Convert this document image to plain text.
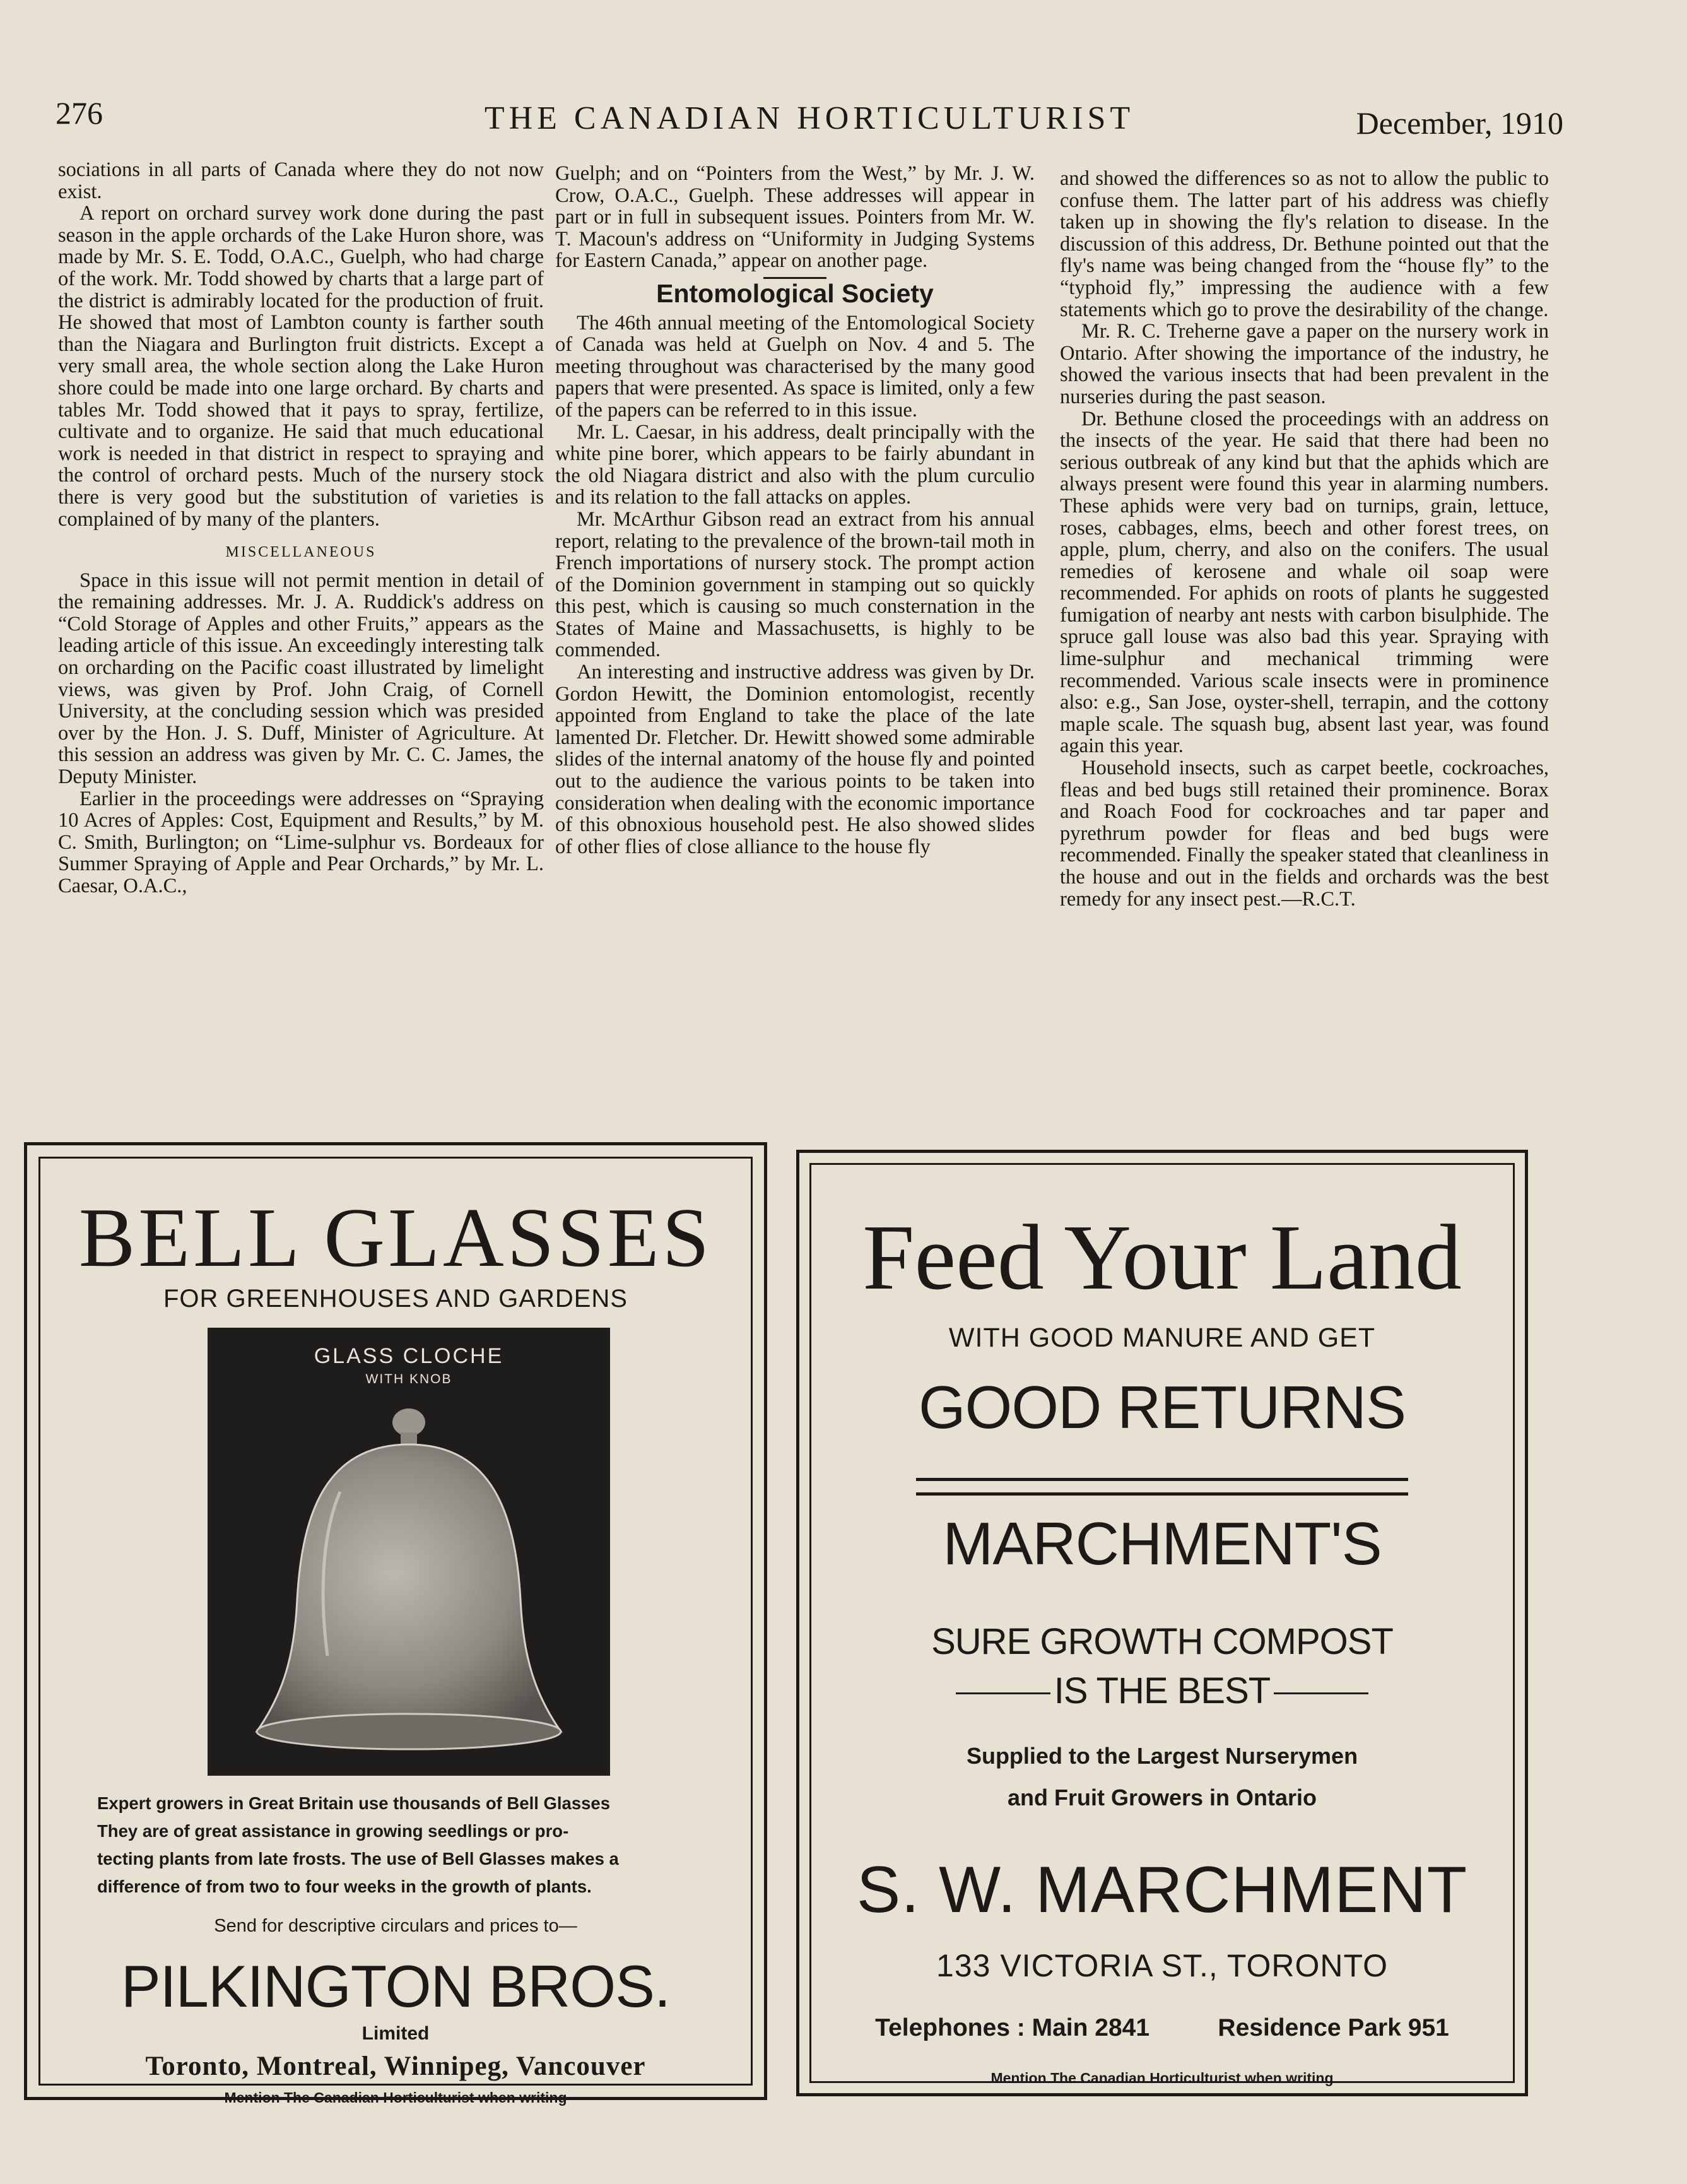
276	THE CANADIAN HORTICULTURIST	December, 1910

sociations in all parts of Canada where they do not now exist.

A report on orchard survey work done during the past season in the apple orchards of the Lake Huron shore, was made by Mr. S. E. Todd, O.A.C., Guelph, who had charge of the work. Mr. Todd showed by charts that a large part of the district is admirably located for the production of fruit. He showed that most of Lambton county is farther south than the Niagara and Burlington fruit districts. Except a very small area, the whole section along the Lake Huron shore could be made into one large orchard. By charts and tables Mr. Todd showed that it pays to spray, fertilize, cultivate and to organize. He said that much educational work is needed in that district in respect to spraying and the control of orchard pests. Much of the nursery stock there is very good but the substitution of varieties is complained of by many of the planters.

MISCELLANEOUS

Space in this issue will not permit mention in detail of the remaining addresses. Mr. J. A. Ruddick's address on “Cold Storage of Apples and other Fruits,” appears as the leading article of this issue. An exceedingly interesting talk on orcharding on the Pacific coast illustrated by limelight views, was given by Prof. John Craig, of Cornell University, at the concluding session which was presided over by the Hon. J. S. Duff, Minister of Agriculture. At this session an address was given by Mr. C. C. James, the Deputy Minister.

Earlier in the proceedings were addresses on “Spraying 10 Acres of Apples: Cost, Equipment and Results,” by M. C. Smith, Burlington; on “Lime-sulphur vs. Bordeaux for Summer Spraying of Apple and Pear Orchards,” by Mr. L. Caesar, O.A.C.,

Guelph; and on “Pointers from the West,” by Mr. J. W. Crow, O.A.C., Guelph. These addresses will appear in part or in full in subsequent issues. Pointers from Mr. W. T. Macoun's address on “Uniformity in Judging Systems for Eastern Canada,” appear on another page.

Entomological Society

The 46th annual meeting of the Entomological Society of Canada was held at Guelph on Nov. 4 and 5. The meeting throughout was characterised by the many good papers that were presented. As space is limited, only a few of the papers can be referred to in this issue.

Mr. L. Caesar, in his address, dealt principally with the white pine borer, which appears to be fairly abundant in the old Niagara district and also with the plum curculio and its relation to the fall attacks on apples.

Mr. McArthur Gibson read an extract from his annual report, relating to the prevalence of the brown-tail moth in French importations of nursery stock. The prompt action of the Dominion government in stamping out so quickly this pest, which is causing so much consternation in the States of Maine and Massachusetts, is highly to be commended.

An interesting and instructive address was given by Dr. Gordon Hewitt, the Dominion entomologist, recently appointed from England to take the place of the late lamented Dr. Fletcher. Dr. Hewitt showed some admirable slides of the internal anatomy of the house fly and pointed out to the audience the various points to be taken into consideration when dealing with the economic importance of this obnoxious household pest. He also showed slides of other flies of close alliance to the house fly

and showed the differences so as not to allow the public to confuse them. The latter part of his address was chiefly taken up in showing the fly's relation to disease. In the discussion of this address, Dr. Bethune pointed out that the fly's name was being changed from the “house fly” to the “typhoid fly,” impressing the audience with a few statements which go to prove the desirability of the change.

Mr. R. C. Treherne gave a paper on the nursery work in Ontario. After showing the importance of the industry, he showed the various insects that had been prevalent in the nurseries during the past season.

Dr. Bethune closed the proceedings with an address on the insects of the year. He said that there had been no serious outbreak of any kind but that the aphids which are always present were found this year in alarming numbers. These aphids were very bad on turnips, grain, lettuce, roses, cabbages, elms, beech and other forest trees, on apple, plum, cherry, and also on the conifers. The usual remedies of kerosene and whale oil soap were recommended. For aphids on roots of plants he suggested fumigation of nearby ant nests with carbon bisulphide. The spruce gall louse was also bad this year. Spraying with lime-sulphur and mechanical trimming were recommended. Various scale insects were in prominence also: e.g., San Jose, oyster-shell, terrapin, and the cottony maple scale. The squash bug, absent last year, was found again this year.

Household insects, such as carpet beetle, cockroaches, fleas and bed bugs still retained their prominence. Borax and Roach Food for cockroaches and tar paper and pyrethrum powder for fleas and bed bugs were recommended. Finally the speaker stated that cleanliness in the house and out in the fields and orchards was the best remedy for any insect pest.—R.C.T.

BELL GLASSES
FOR GREENHOUSES AND GARDENS
GLASS CLOCHE
WITH KNOB
Expert growers in Great Britain use thousands of Bell Glasses
They are of great assistance in growing seedlings or pro-
tecting plants from late frosts. The use of Bell Glasses makes a
difference of from two to four weeks in the growth of plants.
Send for descriptive circulars and prices to—
PILKINGTON BROS.
Limited
Toronto, Montreal, Winnipeg, Vancouver
Mention The Canadian Horticulturist when writing
Feed Your Land
WITH GOOD MANURE AND GET
GOOD RETURNS
MARCHMENT'S
SURE GROWTH COMPOST
IS THE BEST
Supplied to the Largest Nurserymen
and Fruit Growers in Ontario
S. W. MARCHMENT
133 VICTORIA ST., TORONTO
Telephones : Main 2841          Residence Park 951
Mention The Canadian Horticulturist when writing
